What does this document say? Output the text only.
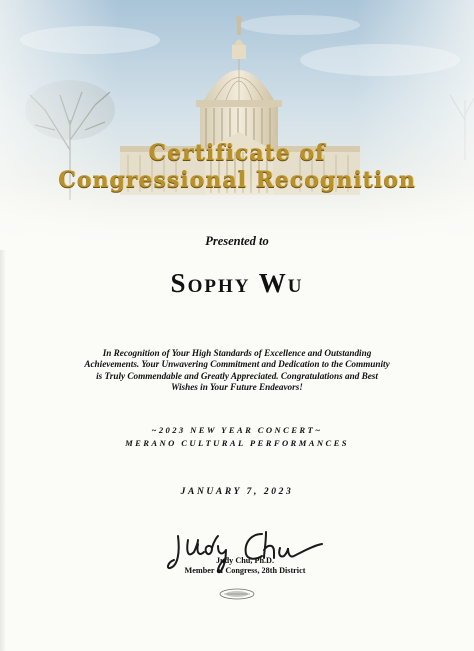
Certificate of
Congressional Recognition
Presented to
Sophy Wu
In Recognition of Your High Standards of Excellence and Outstanding Achievements. Your Unwavering Commitment and Dedication to the Community is Truly Commendable and Greatly Appreciated. Congratulations and Best Wishes in Your Future Endeavors!
~2023 NEW YEAR CONCERT~
MERANO CULTURAL PERFORMANCES
JANUARY 7, 2023
Judy Chu, Ph.D.
Member of Congress, 28th District
